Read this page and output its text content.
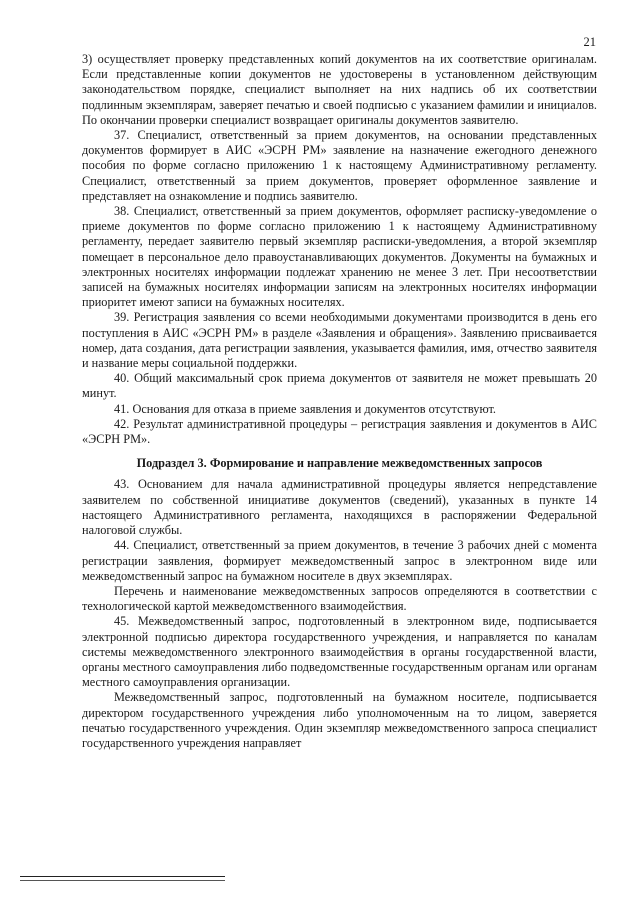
21

3) осуществляет проверку представленных копий документов на их соответствие оригиналам. Если представленные копии документов не удостоверены в установленном действующим законодательством порядке, специалист выполняет на них надпись об их соответствии подлинным экземплярам, заверяет печатью и своей подписью с указанием фамилии и инициалов. По окончании проверки специалист возвращает оригиналы документов заявителю.

37. Специалист, ответственный за прием документов, на основании представленных документов формирует в АИС «ЭСРН РМ» заявление на назначение ежегодного денежного пособия по форме согласно приложению 1 к настоящему Административному регламенту. Специалист, ответственный за прием документов, проверяет оформленное заявление и представляет на ознакомление и подпись заявителю.

38. Специалист, ответственный за прием документов, оформляет расписку-уведомление о приеме документов по форме согласно приложению 1 к настоящему Административному регламенту, передает заявителю первый экземпляр расписки-уведомления, а второй экземпляр помещает в персональное дело правоустанавливающих документов. Документы на бумажных и электронных носителях информации подлежат хранению не менее 3 лет. При несоответствии записей на бумажных носителях информации записям на электронных носителях информации приоритет имеют записи на бумажных носителях.

39. Регистрация заявления со всеми необходимыми документами производится в день его поступления в АИС «ЭСРН РМ» в разделе «Заявления и обращения». Заявлению присваивается номер, дата создания, дата регистрации заявления, указывается фамилия, имя, отчество заявителя и название меры социальной поддержки.

40. Общий максимальный срок приема документов от заявителя не может превышать 20 минут.

41. Основания для отказа в приеме заявления и документов отсутствуют.

42. Результат административной процедуры – регистрация заявления и документов в АИС «ЭСРН РМ».

Подраздел 3. Формирование и направление межведомственных запросов

43. Основанием для начала административной процедуры является непредставление заявителем по собственной инициативе документов (сведений), указанных в пункте 14 настоящего Административного регламента, находящихся в распоряжении Федеральной налоговой службы.

44. Специалист, ответственный за прием документов, в течение 3 рабочих дней с момента регистрации заявления, формирует межведомственный запрос в электронном виде или межведомственный запрос на бумажном носителе в двух экземплярах.

Перечень и наименование межведомственных запросов определяются в соответствии с технологической картой межведомственного взаимодействия.

45. Межведомственный запрос, подготовленный в электронном виде, подписывается электронной подписью директора государственного учреждения, и направляется по каналам системы межведомственного электронного взаимодействия в органы государственной власти, органы местного самоуправления либо подведомственные государственным органам или органам местного самоуправления организации.

Межведомственный запрос, подготовленный на бумажном носителе, подписывается директором государственного учреждения либо уполномоченным на то лицом, заверяется печатью государственного учреждения. Один экземпляр межведомственного запроса специалист государственного учреждения направляет
